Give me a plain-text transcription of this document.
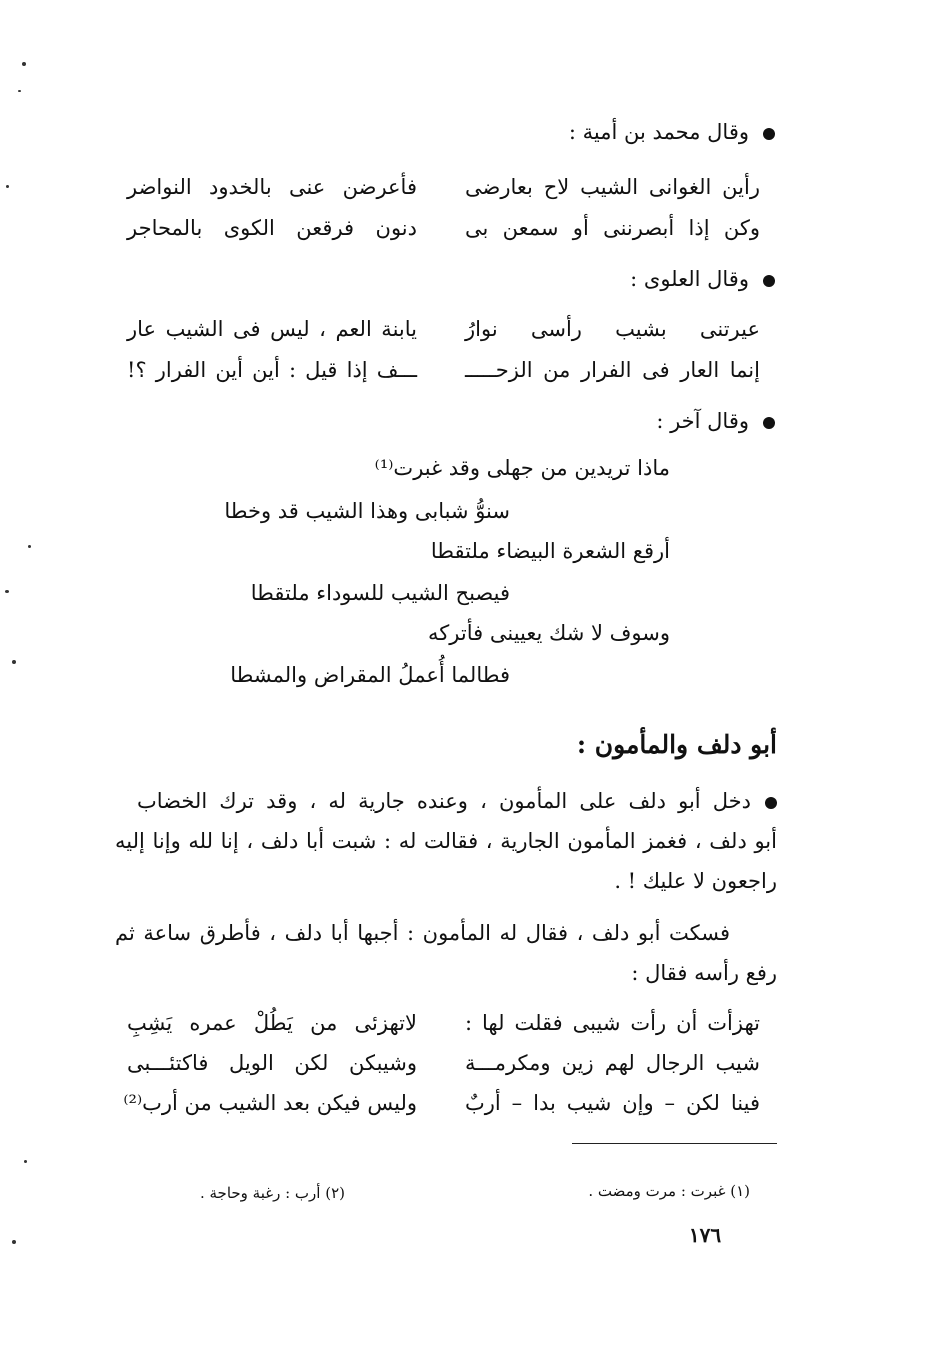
وقال محمد بن أمية :
رأين الغوانى الشيب لاح بعارضى
فأعرضن عنى بالخدود النواضر
وكن إذا أبصرننى أو سمعن بى
دنون فرقعن الكوى بالمحاجر
وقال العلوى :
عيرتنى بشيب رأسى نوارُ
يابنة العم ، ليس فى الشيب عار
إنما العار فى الفرار من الزحـــــ
ـــف إذا قيل : أين أين الفرار ؟!
وقال آخر :
ماذا تريدين من جهلى وقد غبرت⁽¹⁾
سنوُّ شبابى وهذا الشيب قد وخطا
أرقع الشعرة البيضاء ملتقطا
فيصبح الشيب للسوداء ملتقطا
وسوف لا شك يعيينى فأتركه
فطالما أُعملُ المقراض والمشطا
أبو دلف والمأمون :
دخل أبو دلف على المأمون ، وعنده جارية له ، وقد ترك الخضاب
أبو دلف ، فغمز المأمون الجارية ، فقالت له : شبت أبا دلف ، إنا لله وإنا إليه
راجعون لا عليك ! .
فسكت أبو دلف ، فقال له المأمون : أجبها أبا دلف ، فأطرق ساعة ثم
رفع رأسه فقال :
تهزأت أن رأت شيبى فقلت لها :
لاتهزئى من يَطُلْ عمره يَشِبِ
شيب الرجال لهم زين ومكرمـــة
وشيبكن لكن الويل فاكتئـــبى
فينا لكن – وإن شيب بدا – أربٌ
وليس فيكن بعد الشيب من أرب⁽²⁾
(١) غبرت : مرت ومضت .
(٢) أرب : رغبة وحاجة .
١٧٦
